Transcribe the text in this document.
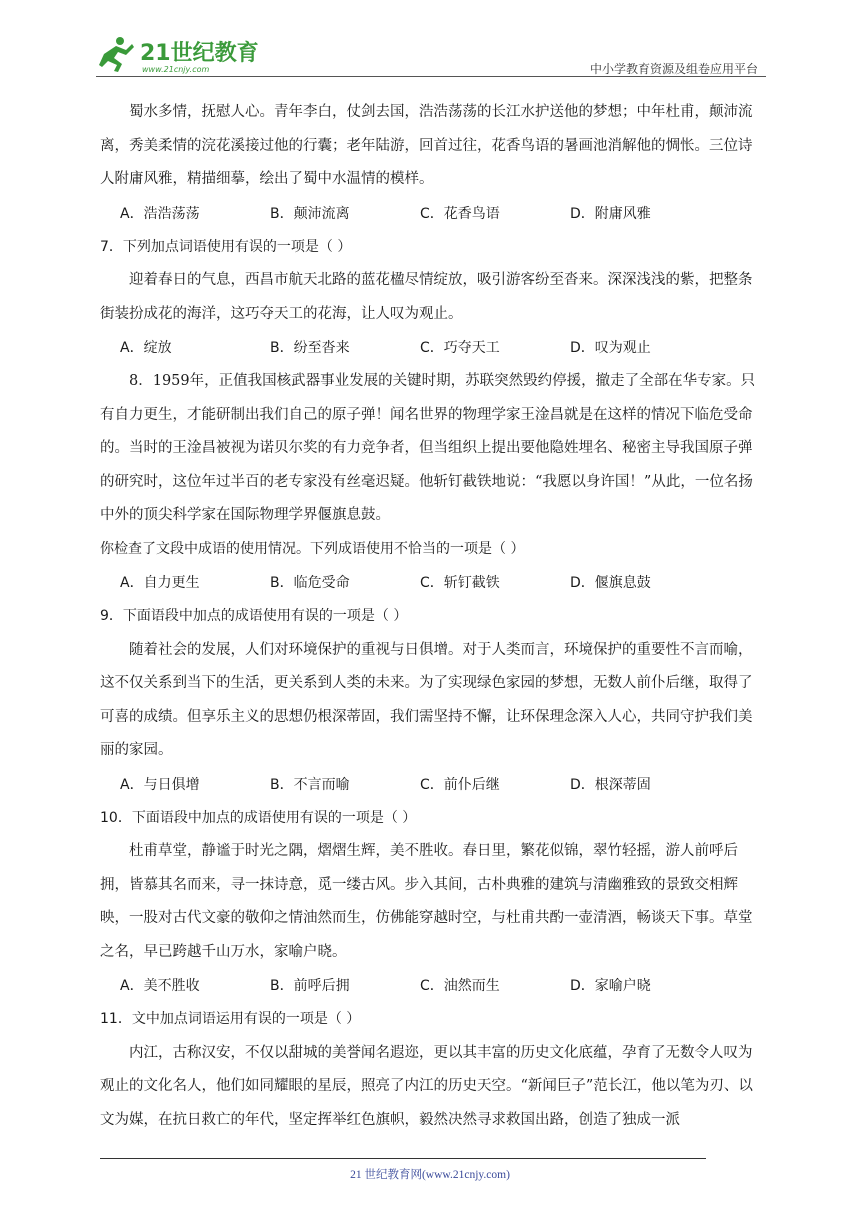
21世纪教育
www.21cnjy.com	中小学教育资源及组卷应用平台

蜀水多情，抚慰人心。青年李白，仗剑去国，浩浩荡荡的长江水护送他的梦想；中年杜甫，颠沛流离，秀美柔情的浣花溪接过他的行囊；老年陆游，回首过往，花香鸟语的暑画池消解他的惆怅。三位诗人附庸风雅，精描细摹，绘出了蜀中水温情的模样。

A．浩浩荡荡	B．颠沛流离	C．花香鸟语	D．附庸风雅

7．下列加点词语使用有误的一项是（ ）

迎着春日的气息，西昌市航天北路的蓝花楹尽情绽放，吸引游客纷至沓来。深深浅浅的紫，把整条街装扮成花的海洋，这巧夺天工的花海，让人叹为观止。

A．绽放	B．纷至沓来	C．巧夺天工	D．叹为观止

8．1959年，正值我国核武器事业发展的关键时期，苏联突然毁约停援，撤走了全部在华专家。只有自力更生，才能研制出我们自己的原子弹！闻名世界的物理学家王淦昌就是在这样的情况下临危受命的。当时的王淦昌被视为诺贝尔奖的有力竞争者，但当组织上提出要他隐姓埋名、秘密主导我国原子弹的研究时，这位年过半百的老专家没有丝毫迟疑。他斩钉截铁地说：“我愿以身许国！”从此，一位名扬中外的顶尖科学家在国际物理学界偃旗息鼓。

你检查了文段中成语的使用情况。下列成语使用不恰当的一项是（ ）

A．自力更生	B．临危受命	C．斩钉截铁	D．偃旗息鼓

9．下面语段中加点的成语使用有误的一项是（ ）

随着社会的发展，人们对环境保护的重视与日俱增。对于人类而言，环境保护的重要性不言而喻，这不仅关系到当下的生活，更关系到人类的未来。为了实现绿色家园的梦想，无数人前仆后继，取得了可喜的成绩。但享乐主义的思想仍根深蒂固，我们需坚持不懈，让环保理念深入人心，共同守护我们美丽的家园。

A．与日俱增	B．不言而喻	C．前仆后继	D．根深蒂固

10．下面语段中加点的成语使用有误的一项是（ ）

杜甫草堂，静谧于时光之隅，熠熠生辉，美不胜收。春日里，繁花似锦，翠竹轻摇，游人前呼后拥，皆慕其名而来，寻一抹诗意，觅一缕古风。步入其间，古朴典雅的建筑与清幽雅致的景致交相辉映，一股对古代文豪的敬仰之情油然而生，仿佛能穿越时空，与杜甫共酌一壶清酒，畅谈天下事。草堂之名，早已跨越千山万水，家喻户晓。

A．美不胜收	B．前呼后拥	C．油然而生	D．家喻户晓

11．文中加点词语运用有误的一项是（ ）

内江，古称汉安，不仅以甜城的美誉闻名遐迩，更以其丰富的历史文化底蕴，孕育了无数令人叹为观止的文化名人，他们如同耀眼的星辰，照亮了内江的历史天空。“新闻巨子”范长江，他以笔为刃、以文为媒，在抗日救亡的年代，坚定挥举红色旗帜，毅然决然寻求救国出路，创造了独成一派

21 世纪教育网(www.21cnjy.com)
